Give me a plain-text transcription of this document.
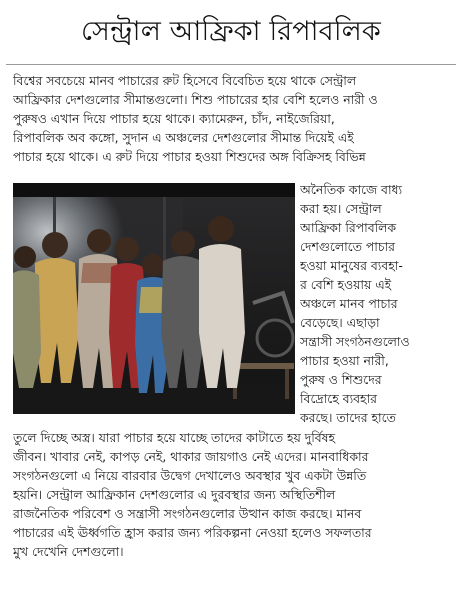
সেন্ট্রাল আফ্রিকা রিপাবলিক
বিশ্বের সবচেয়ে মানব পাচারের রুট হিসেবে বিবেচিত হয়ে থাকে সেন্ট্রাল
আফ্রিকার দেশগুলোর সীমান্তগুলো। শিশু পাচারের হার বেশি হলেও নারী ও
পুরুষও এখান দিয়ে পাচার হয়ে থাকে। ক্যামেরুন, চাঁদ, নাইজেরিয়া,
রিপাবলিক অব কঙ্গো, সুদান এ অঞ্চলের দেশগুলোর সীমান্ত দিয়েই এই
পাচার হয়ে থাকে। এ রুট দিয়ে পাচার হওয়া শিশুদের অঙ্গ বিক্রিসহ বিভিন্ন
অনৈতিক কাজে বাধ্য
করা হয়। সেন্ট্রাল
আফ্রিকা রিপাবলিক
দেশগুলোতে পাচার
হওয়া মানুষের ব্যবহা-
র বেশি হওয়ায় এই
অঞ্চলে মানব পাচার
বেড়েছে। এছাড়া
সন্ত্রাসী সংগঠনগুলোও
পাচার হওয়া নারী,
পুরুষ ও শিশুদের
বিদ্রোহে ব্যবহার
করছে। তাদের হাতে
তুলে দিচ্ছে অস্ত্র। যারা পাচার হয়ে যাচ্ছে তাদের কাটাতে হয় দুর্বিষহ
জীবন। খাবার নেই, কাপড় নেই, থাকার জায়গাও নেই এদের। মানবাধিকার
সংগঠনগুলো এ নিয়ে বারবার উদ্বেগ দেখালেও অবস্থার খুব একটা উন্নতি
হয়নি। সেন্ট্রাল আফ্রিকান দেশগুলোর এ দুরবস্থার জন্য অস্থিতিশীল
রাজনৈতিক পরিবেশ ও সন্ত্রাসী সংগঠনগুলোর উত্থান কাজ করছে। মানব
পাচারের এই ঊর্ধ্বগতি হ্রাস করার জন্য পরিকল্পনা নেওয়া হলেও সফলতার
মুখ দেখেনি দেশগুলো।
